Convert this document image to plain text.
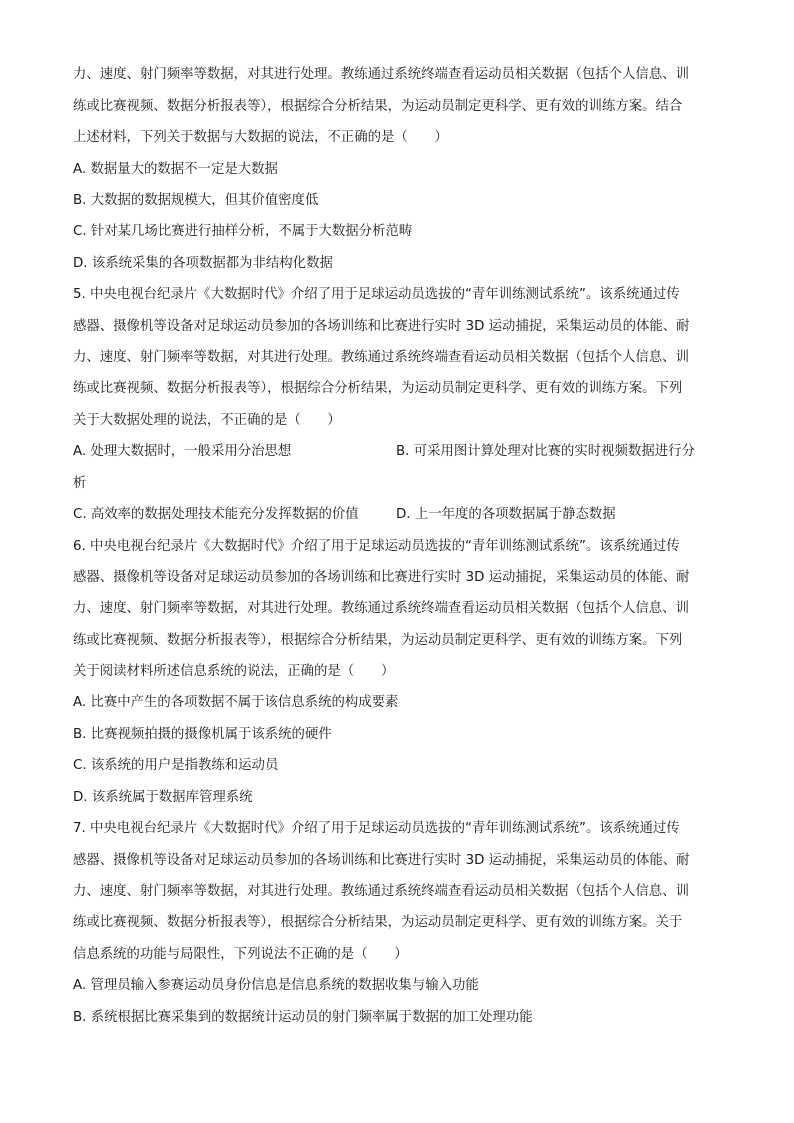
力、速度、射门频率等数据，对其进行处理。教练通过系统终端查看运动员相关数据（包括个人信息、训
练或比赛视频、数据分析报表等），根据综合分析结果，为运动员制定更科学、更有效的训练方案。结合
上述材料，下列关于数据与大数据的说法，不正确的是（　　）
A. 数据量大的数据不一定是大数据
B. 大数据的数据规模大，但其价值密度低
C. 针对某几场比赛进行抽样分析，不属于大数据分析范畴
D. 该系统采集的各项数据都为非结构化数据
5. 中央电视台纪录片《大数据时代》介绍了用于足球运动员选拔的“青年训练测试系统”。该系统通过传
感器、摄像机等设备对足球运动员参加的各场训练和比赛进行实时 3D 运动捕捉，采集运动员的体能、耐
力、速度、射门频率等数据，对其进行处理。教练通过系统终端查看运动员相关数据（包括个人信息、训
练或比赛视频、数据分析报表等），根据综合分析结果，为运动员制定更科学、更有效的训练方案。下列
关于大数据处理的说法，不正确的是（　　）
A. 处理大数据时，一般采用分治思想	B. 可采用图计算处理对比赛的实时视频数据进行分
析
C. 高效率的数据处理技术能充分发挥数据的价值	D. 上一年度的各项数据属于静态数据
6. 中央电视台纪录片《大数据时代》介绍了用于足球运动员选拔的“青年训练测试系统”。该系统通过传
感器、摄像机等设备对足球运动员参加的各场训练和比赛进行实时 3D 运动捕捉，采集运动员的体能、耐
力、速度、射门频率等数据，对其进行处理。教练通过系统终端查看运动员相关数据（包括个人信息、训
练或比赛视频、数据分析报表等），根据综合分析结果，为运动员制定更科学、更有效的训练方案。下列
关于阅读材料所述信息系统的说法，正确的是（　　）
A. 比赛中产生的各项数据不属于该信息系统的构成要素
B. 比赛视频拍摄的摄像机属于该系统的硬件
C. 该系统的用户是指教练和运动员
D. 该系统属于数据库管理系统
7. 中央电视台纪录片《大数据时代》介绍了用于足球运动员选拔的“青年训练测试系统”。该系统通过传
感器、摄像机等设备对足球运动员参加的各场训练和比赛进行实时 3D 运动捕捉，采集运动员的体能、耐
力、速度、射门频率等数据，对其进行处理。教练通过系统终端查看运动员相关数据（包括个人信息、训
练或比赛视频、数据分析报表等），根据综合分析结果，为运动员制定更科学、更有效的训练方案。关于
信息系统的功能与局限性，下列说法不正确的是（　　）
A. 管理员输入参赛运动员身份信息是信息系统的数据收集与输入功能
B. 系统根据比赛采集到的数据统计运动员的射门频率属于数据的加工处理功能
